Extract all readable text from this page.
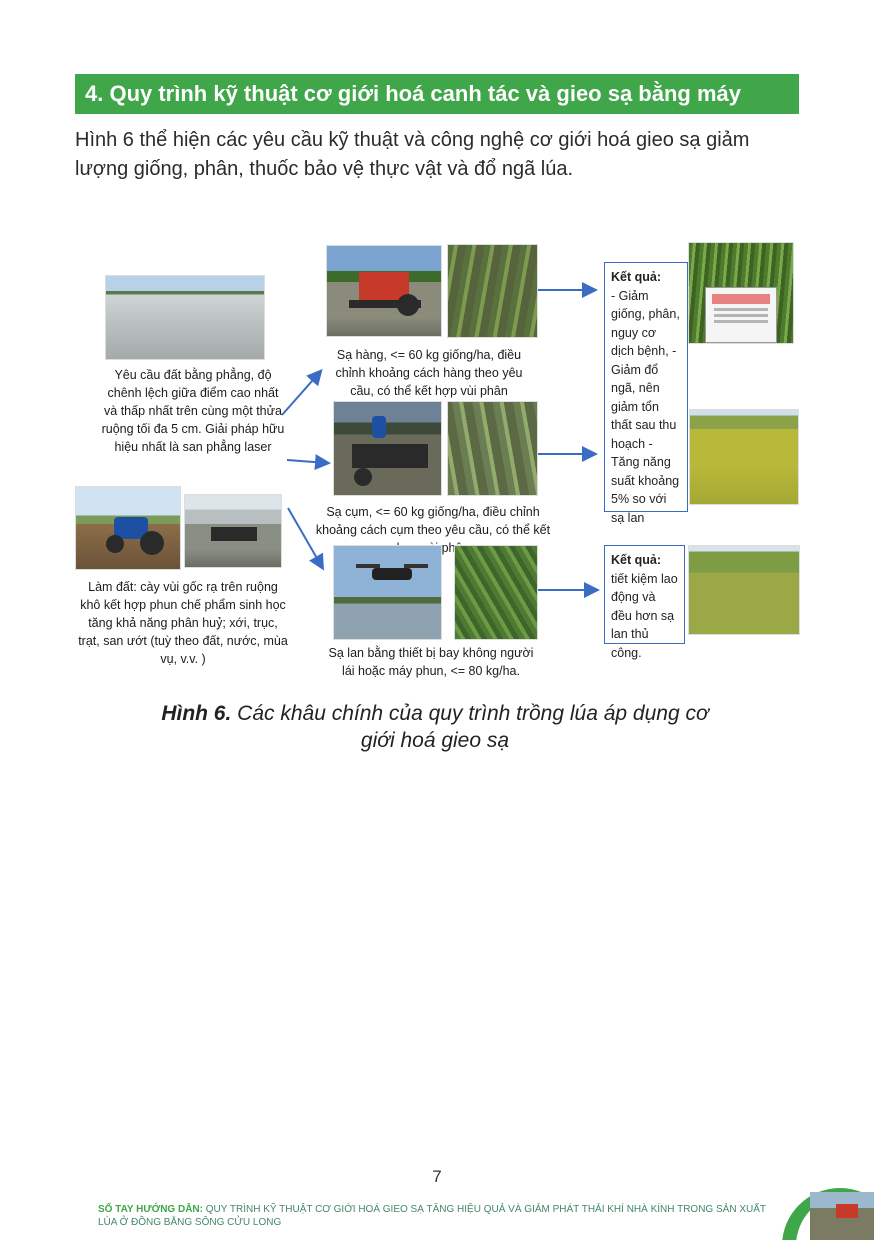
4. Quy trình kỹ thuật cơ giới hoá canh tác và gieo sạ bằng máy
Hình 6 thể hiện các yêu cầu kỹ thuật và công nghệ cơ giới hoá gieo sạ giảm lượng giống, phân, thuốc bảo vệ thực vật và đổ ngã lúa.
Yêu cầu đất bằng phẳng, độ chênh lệch giữa điểm cao nhất và thấp nhất trên cùng một thửa ruộng tối đa 5 cm. Giải pháp hữu hiệu nhất là san phẳng laser
Làm đất: cày vùi gốc rạ trên ruộng khô kết hợp phun chế phẩm sinh học tăng khả năng phân huỷ; xới, trục, trạt, san ướt (tuỳ theo đất, nước, mùa vụ, v.v. )
Sạ hàng, <= 60 kg giống/ha, điều chỉnh khoảng cách hàng theo yêu cầu, có thể kết hợp vùi phân
Sạ cụm, <= 60 kg giống/ha, điều chỉnh khoảng cách cụm theo yêu cầu, có thể kết
Sạ lan bằng thiết bị bay không người lái hoặc máy phun, <= 80 kg/ha.
Kết quả:
- Giảm giống, phân, nguy cơ dịch bệnh, - Giảm đổ ngã, nên giảm tổn thất sau thu hoạch - Tăng năng suất khoảng 5% so với sạ lan
Kết quả:
tiết kiệm lao động và đều hơn sạ lan thủ công.
Hình 6. Các khâu chính của quy trình trồng lúa áp dụng cơ giới hoá gieo sạ
7
SỔ TAY HƯỚNG DẪN: QUY TRÌNH KỸ THUẬT CƠ GIỚI HOÁ GIEO SẠ TĂNG HIỆU QUẢ VÀ GIẢM PHÁT THẢI KHÍ NHÀ KÍNH TRONG SẢN XUẤT LÚA Ở ĐỒNG BẰNG SÔNG CỬU LONG
